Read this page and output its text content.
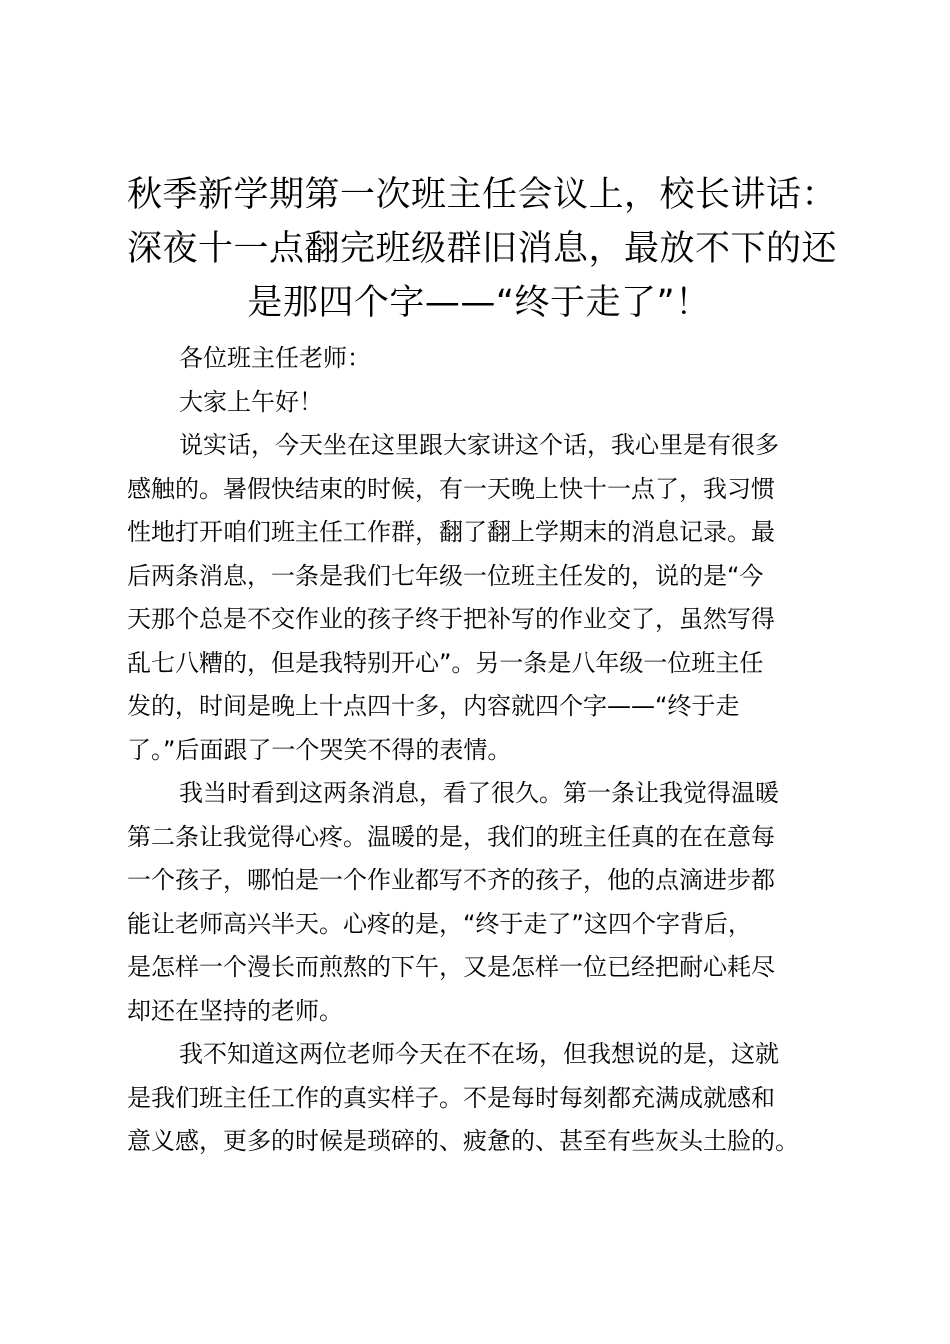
秋季新学期第一次班主任会议上，校长讲话：
深夜十一点翻完班级群旧消息，最放不下的还
是那四个字——“终于走了”！

各位班主任老师：

大家上午好！

说实话，今天坐在这里跟大家讲这个话，我心里是有很多
感触的。暑假快结束的时候，有一天晚上快十一点了，我习惯
性地打开咱们班主任工作群，翻了翻上学期末的消息记录。最
后两条消息，一条是我们七年级一位班主任发的，说的是“今
天那个总是不交作业的孩子终于把补写的作业交了，虽然写得
乱七八糟的，但是我特别开心”。另一条是八年级一位班主任
发的，时间是晚上十点四十多，内容就四个字——“终于走
了。”后面跟了一个哭笑不得的表情。
我当时看到这两条消息，看了很久。第一条让我觉得温暖
第二条让我觉得心疼。温暖的是，我们的班主任真的在在意每
一个孩子，哪怕是一个作业都写不齐的孩子，他的点滴进步都
能让老师高兴半天。心疼的是，“终于走了”这四个字背后，
是怎样一个漫长而煎熬的下午，又是怎样一位已经把耐心耗尽
却还在坚持的老师。
我不知道这两位老师今天在不在场，但我想说的是，这就
是我们班主任工作的真实样子。不是每时每刻都充满成就感和
意义感，更多的时候是琐碎的、疲惫的、甚至有些灰头土脸的。
